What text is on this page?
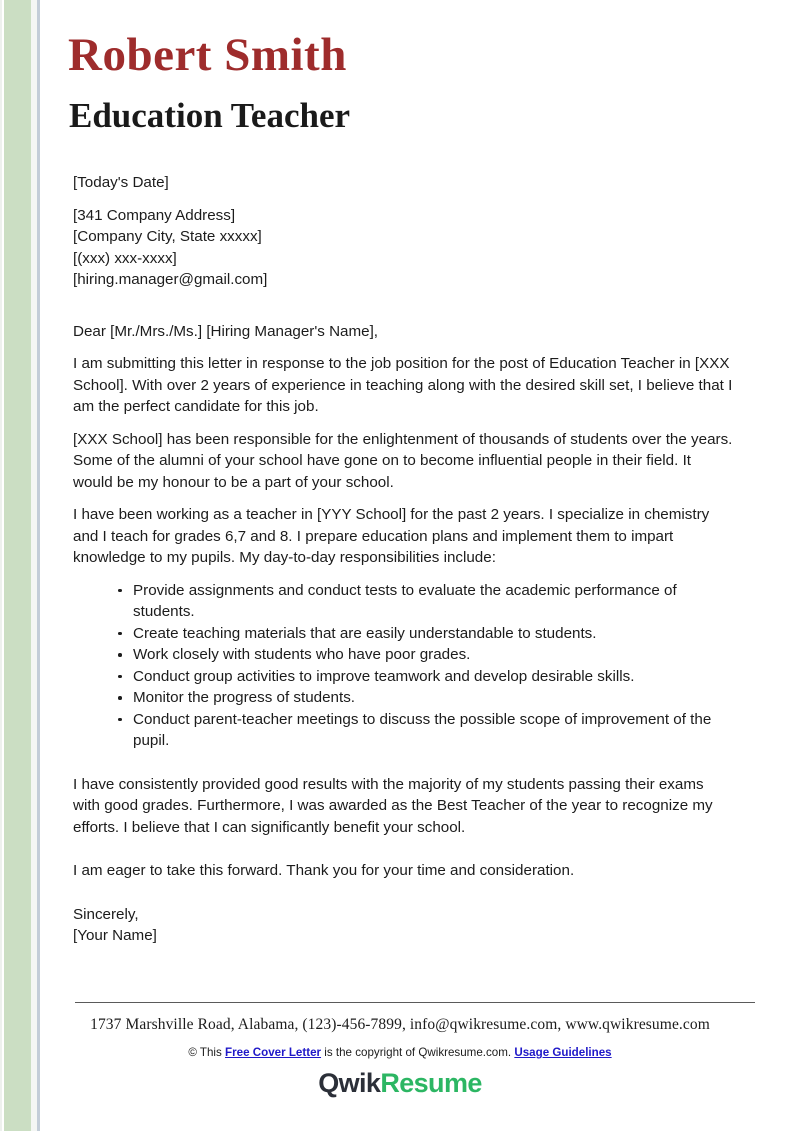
Robert Smith
Education Teacher
[Today's Date]
[341 Company Address]
[Company City, State xxxxx]
[(xxx) xxx-xxxx]
[hiring.manager@gmail.com]

Dear [Mr./Mrs./Ms.] [Hiring Manager's Name],

I am submitting this letter in response to the job position for the post of Education Teacher in [XXX School]. With over 2 years of experience in teaching along with the desired skill set, I believe that I am the perfect candidate for this job.

[XXX School] has been responsible for the enlightenment of thousands of students over the years. Some of the alumni of your school have gone on to become influential people in their field. It would be my honour to be a part of your school.

I have been working as a teacher in [YYY School] for the past 2 years. I specialize in chemistry and I teach for grades 6,7 and 8. I prepare education plans and implement them to impart knowledge to my pupils. My day-to-day responsibilities include:

Provide assignments and conduct tests to evaluate the academic performance of students.
Create teaching materials that are easily understandable to students.
Work closely with students who have poor grades.
Conduct group activities to improve teamwork and develop desirable skills.
Monitor the progress of students.
Conduct parent-teacher meetings to discuss the possible scope of improvement of the pupil.

I have consistently provided good results with the majority of my students passing their exams with good grades. Furthermore, I was awarded as the Best Teacher of the year to recognize my efforts. I believe that I can significantly benefit your school.

I am eager to take this forward. Thank you for your time and consideration.

Sincerely,
[Your Name]
1737 Marshville Road, Alabama, (123)-456-7899, info@qwikresume.com, www.qwikresume.com
© This Free Cover Letter is the copyright of Qwikresume.com. Usage Guidelines
QwikResume
